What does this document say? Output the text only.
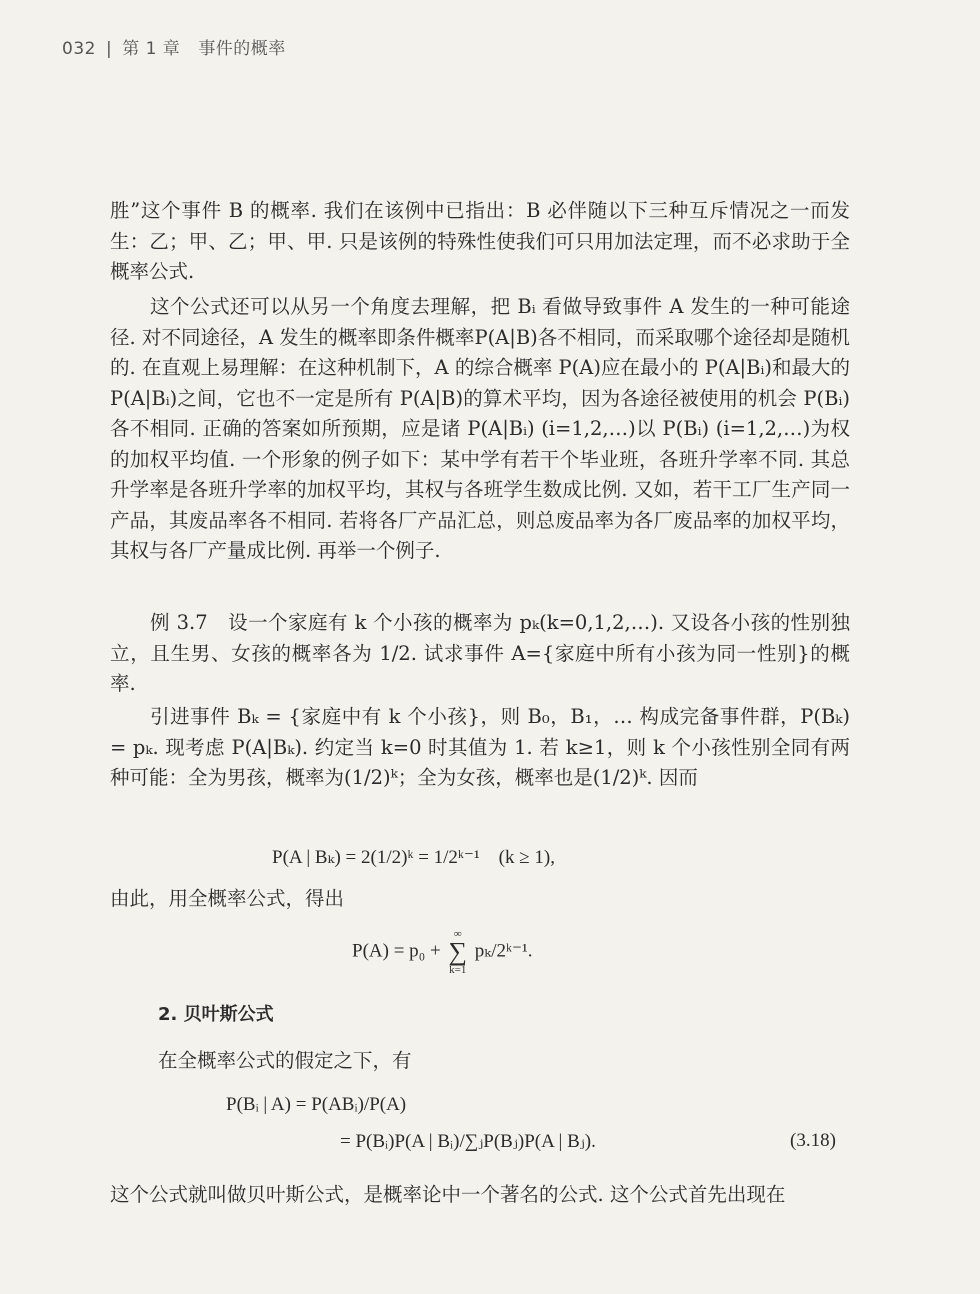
032 | 第 1 章 事件的概率

胜”这个事件 B 的概率. 我们在该例中已指出：B 必伴随以下三种互斥情况之一而发生：乙；甲、乙；甲、甲. 只是该例的特殊性使我们可只用加法定理，而不必求助于全概率公式.

这个公式还可以从另一个角度去理解，把 Bᵢ 看做导致事件 A 发生的一种可能途径. 对不同途径，A 发生的概率即条件概率P(A|B)各不相同，而采取哪个途径却是随机的. 在直观上易理解：在这种机制下，A 的综合概率 P(A)应在最小的 P(A|Bᵢ)和最大的 P(A|Bᵢ)之间，它也不一定是所有 P(A|B)的算术平均，因为各途径被使用的机会 P(Bᵢ)各不相同. 正确的答案如所预期，应是诸 P(A|Bᵢ) (i=1,2,…)以 P(Bᵢ) (i=1,2,…)为权的加权平均值. 一个形象的例子如下：某中学有若干个毕业班，各班升学率不同. 其总升学率是各班升学率的加权平均，其权与各班学生数成比例. 又如，若干工厂生产同一产品，其废品率各不相同. 若将各厂产品汇总，则总废品率为各厂废品率的加权平均，其权与各厂产量成比例. 再举一个例子.

例 3.7　设一个家庭有 k 个小孩的概率为 pₖ(k=0,1,2,…). 又设各小孩的性别独立，且生男、女孩的概率各为 1/2. 试求事件 A={家庭中所有小孩为同一性别}的概率.

引进事件 Bₖ = {家庭中有 k 个小孩}，则 B₀，B₁，… 构成完备事件群，P(Bₖ) = pₖ. 现考虑 P(A|Bₖ). 约定当 k=0 时其值为 1. 若 k≥1，则 k 个小孩性别全同有两种可能：全为男孩，概率为(1/2)ᵏ；全为女孩，概率也是(1/2)ᵏ. 因而

P(A | Bₖ) = 2(1/2)ᵏ = 1/2ᵏ⁻¹　(k ≥ 1),

由此，用全概率公式，得出

P(A) = p₀ +
∞
∑
k=1
pₖ/2ᵏ⁻¹.
2. 贝叶斯公式

在全概率公式的假定之下，有

P(Bᵢ | A) = P(ABᵢ)/P(A)
= P(Bᵢ)P(A | Bᵢ)/∑ⱼP(Bⱼ)P(A | Bⱼ).	(3.18)

这个公式就叫做贝叶斯公式，是概率论中一个著名的公式. 这个公式首先出现在
